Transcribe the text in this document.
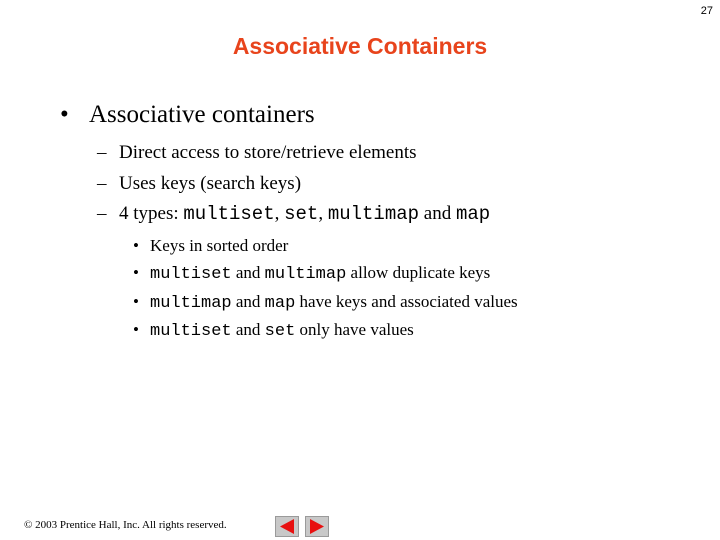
27
Associative Containers
• Associative containers
– Direct access to store/retrieve elements
– Uses keys (search keys)
– 4 types: multiset, set, multimap and map
• Keys in sorted order
• multiset and multimap allow duplicate keys
• multimap and map have keys and associated values
• multiset and set only have values
© 2003 Prentice Hall, Inc. All rights reserved.
